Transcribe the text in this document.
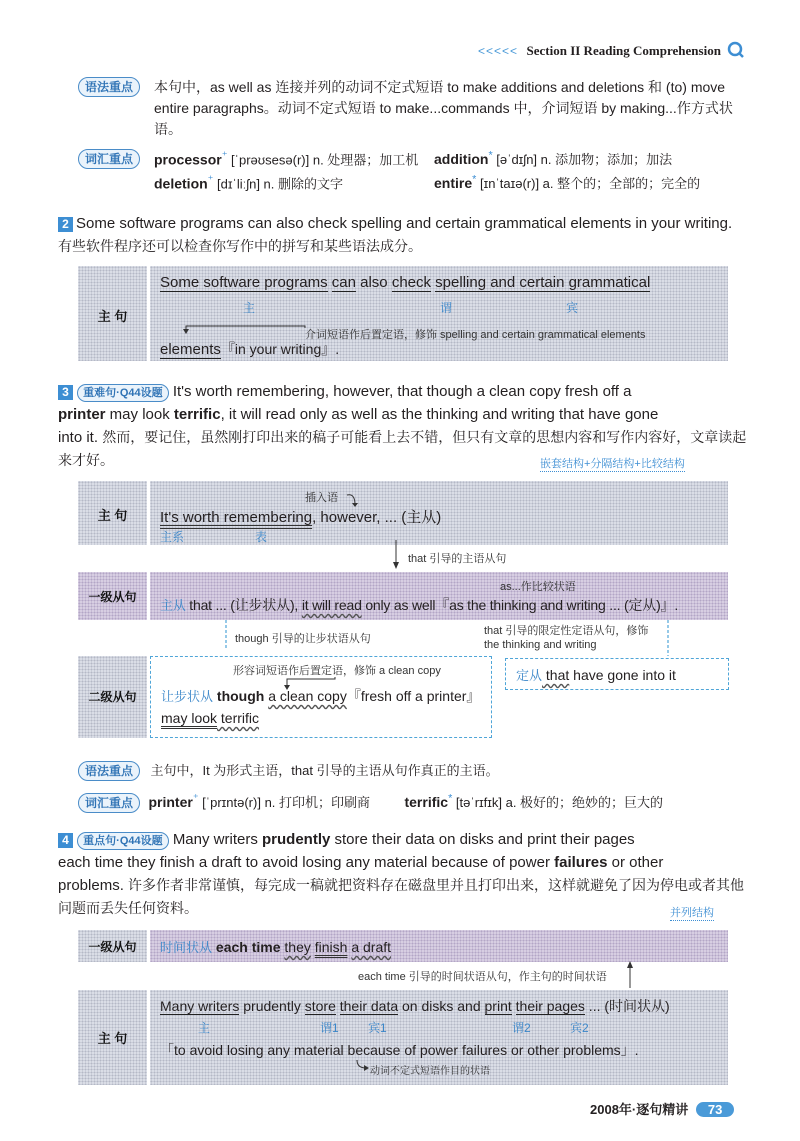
<<<<< Section II Reading Comprehension
语法重点	本句中，as well as 连接并列的动词不定式短语 to make additions and deletions 和 (to) move entire paragraphs。动词不定式短语 to make...commands 中，介词短语 by making...作方式状语。

词汇重点	processor⁺ [ˈprəʊsesə(r)] n. 处理器；加工机 addition* [əˈdɪʃn] n. 添加物；添加；加法
deletion⁺ [dɪˈliːʃn] n. 删除的文字	entire* [ɪnˈtaɪə(r)] a. 整个的；全部的；完全的
2 Some software programs can also check spelling and certain grammatical elements in your writing. 有些软件程序还可以检查你写作中的拼写和某些语法成分。
主 句
Some software programs can also check spelling and certain grammatical
主	谓	宾
介词短语作后置定语，修饰 spelling and certain grammatical elements
elements『in your writing』.
3 重难句·Q44设题 It's worth remembering, however, that though a clean copy fresh off a
printer may look terrific, it will read only as well as the thinking and writing that have gone
into it. 然而，要记住，虽然刚打印出来的稿子可能看上去不错，但只有文章的思想内容和写作内容好，文章读起来才好。	嵌套结构+分隔结构+比较结构
主 句
插入语
It's worth remembering, however, ... (主从)
主系	表
that 引导的主语从句
一级从句
as...作比较状语
主从 that ... (让步状从), it will read only as well『as the thinking and writing ... (定从)』.
though 引导的让步状语从句
that 引导的限定性定语从句，修饰 the thinking and writing
二级从句
形容词短语作后置定语，修饰 a clean copy
让步状从 though a clean copy『fresh off a printer』
may look terrific
定从 that have gone into it
语法重点 主句中，It 为形式主语，that 引导的主语从句作真正的主语。
词汇重点 printer⁺ [ˈprɪntə(r)] n. 打印机；印刷商 terrific* [təˈrɪfɪk] a. 极好的；绝妙的；巨大的
4 重点句·Q44设题 Many writers prudently store their data on disks and print their pages
each time they finish a draft to avoid losing any material because of power failures or other
problems. 许多作者非常谨慎，每完成一稿就把资料存在磁盘里并且打印出来，这样就避免了因为停电或者其他问题而丢失任何资料。	并列结构
一级从句	时间状从 each time they finish a draft
each time 引导的时间状语从句，作主句的时间状语
主 句
Many writers prudently store their data on disks and print their pages ... (时间状从)
主	谓1 宾1	谓2	宾2
「to avoid losing any material because of power failures or other problems」.
动词不定式短语作目的状语
2008年·逐句精讲 73
